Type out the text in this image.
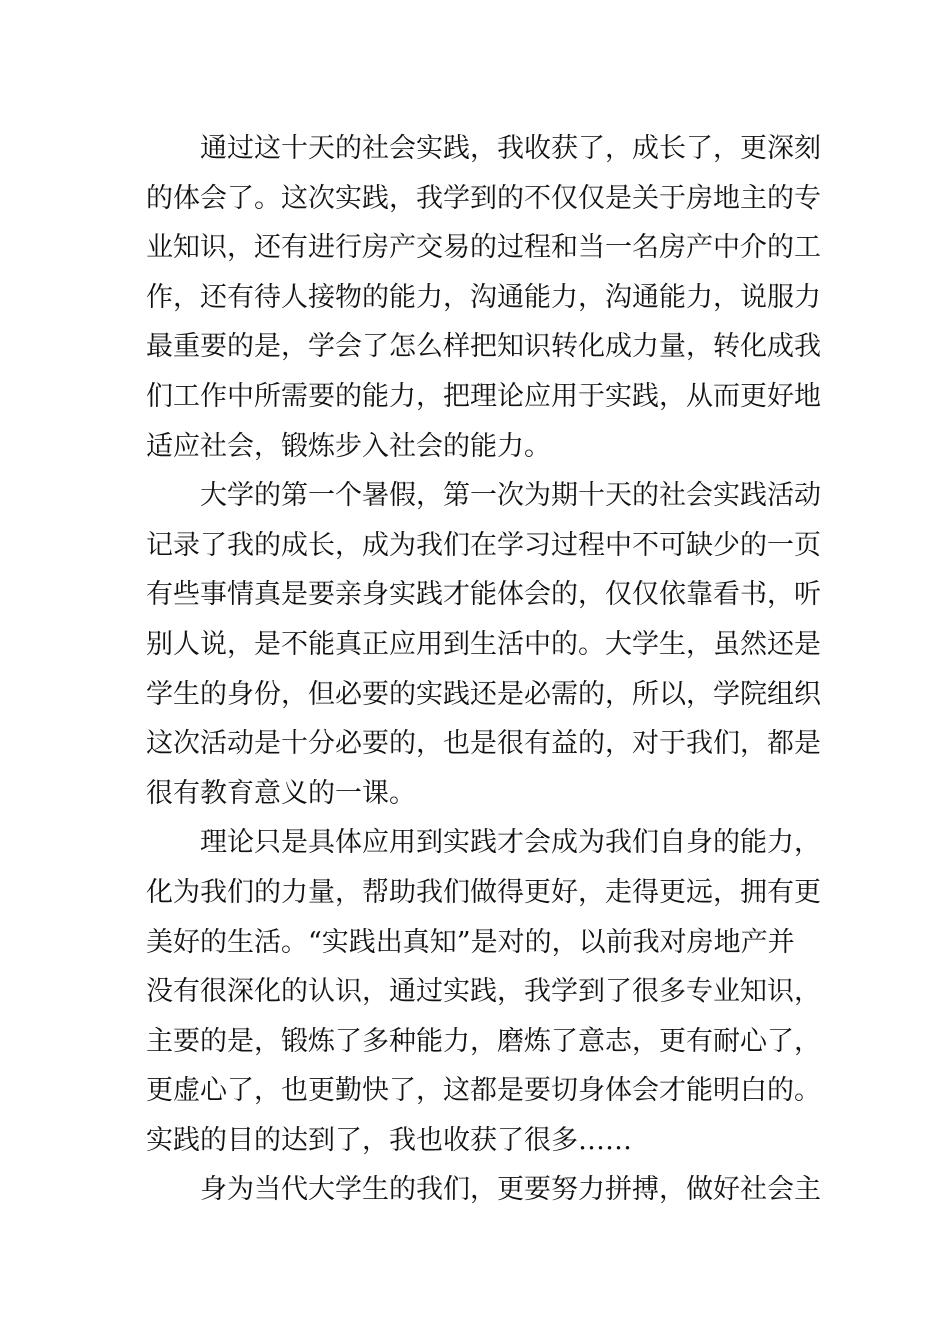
通过这十天的社会实践，我收获了，成长了，更深刻
的体会了。这次实践，我学到的不仅仅是关于房地主的专
业知识，还有进行房产交易的过程和当一名房产中介的工
作，还有待人接物的能力，沟通能力，沟通能力，说服力
最重要的是，学会了怎么样把知识转化成力量，转化成我
们工作中所需要的能力，把理论应用于实践，从而更好地
适应社会，锻炼步入社会的能力。
大学的第一个暑假，第一次为期十天的社会实践活动
记录了我的成长，成为我们在学习过程中不可缺少的一页
有些事情真是要亲身实践才能体会的，仅仅依靠看书，听
别人说，是不能真正应用到生活中的。大学生，虽然还是
学生的身份，但必要的实践还是必需的，所以，学院组织
这次活动是十分必要的，也是很有益的，对于我们，都是
很有教育意义的一课。
理论只是具体应用到实践才会成为我们自身的能力，
化为我们的力量，帮助我们做得更好，走得更远，拥有更
美好的生活。“实践出真知”是对的，以前我对房地产并
没有很深化的认识，通过实践，我学到了很多专业知识，
主要的是，锻炼了多种能力，磨炼了意志，更有耐心了，
更虚心了，也更勤快了，这都是要切身体会才能明白的。
实践的目的达到了，我也收获了很多……
身为当代大学生的我们，更要努力拼搏，做好社会主
